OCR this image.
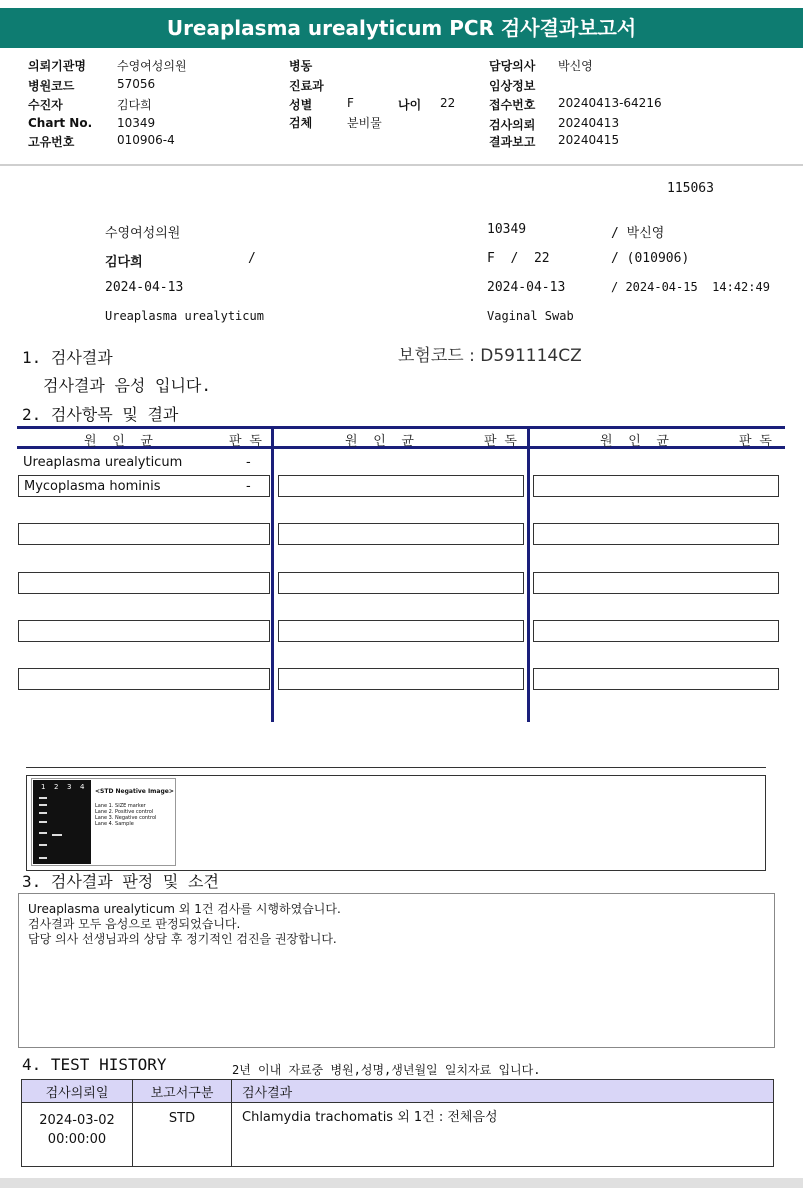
Ureaplasma urealyticum PCR 검사결과보고서
의뢰기관명	수영여성의원
병원코드	57056
수진자	김다희
Chart No. 10349
고유번호	010906-4
병동
진료과
성별	F	나이 22
검체	분비물
담당의사 박신영
임상정보
접수번호 20240413-64216
검사의뢰 20240413
결과보고 20240415
115063
수영여성의원	10349	/ 박신영
김다희	/	F  /  22	/ (010906)
2024-04-13	2024-04-13	/ 2024-04-15  14:42:49
Ureaplasma urealyticum	Vaginal Swab
1. 검사결과	보험코드 : D591114CZ
검사결과 음성 입니다.
2. 검사항목 및 결과
원  인  균	판 독	원  인  균	판 독	원  인  균	판 독
Ureaplasma urealyticum	-
Mycoplasma hominis	-
1 2 3 4
<STD Negative Image>
Lane 1. SIZE marker
Lane 2. Positive control
Lane 3. Negative control
Lane 4. Sample
3. 검사결과 판정 및 소견
Ureaplasma urealyticum 외 1건 검사를 시행하였습니다.
검사결과 모두 음성으로 판정되었습니다.
담당 의사 선생님과의 상담 후 정기적인 검진을 권장합니다.
4. TEST HISTORY	2년 이내 자료중 병원,성명,생년월일 일치자료 입니다.
검사의뢰일	보고서구분	검사결과

2024-03-02
00:00:00	STD	Chlamydia trachomatis 외 1건 : 전체음성
